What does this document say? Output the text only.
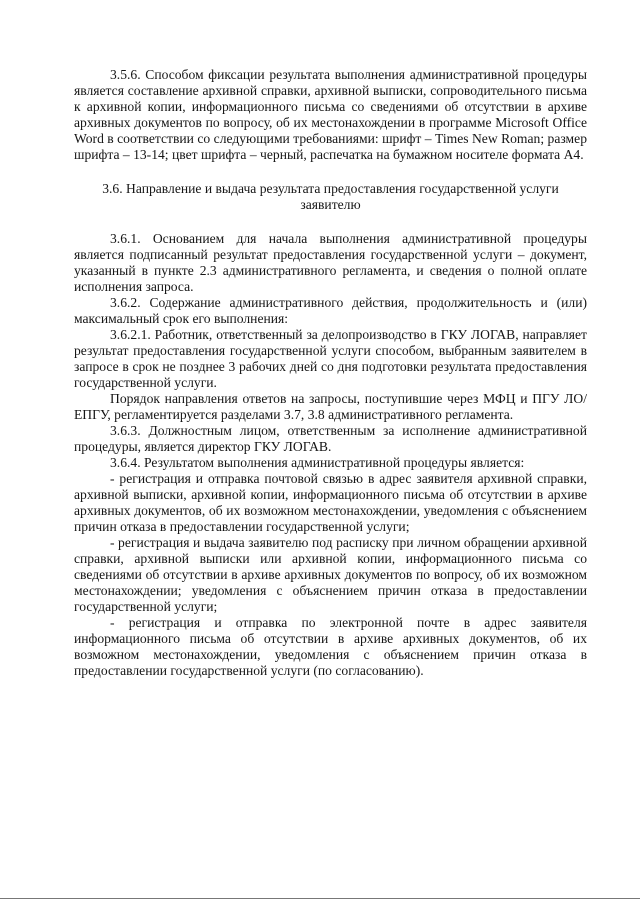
3.5.6. Способом фиксации результата выполнения административной процедуры является составление архивной справки, архивной выписки, сопроводительного письма к архивной копии, информационного письма со сведениями об отсутствии в архиве архивных документов по вопросу, об их местонахождении в программе Microsoft Office Word в соответствии со следующими требованиями: шрифт – Times New Roman; размер шрифта – 13-14; цвет шрифта – черный, распечатка на бумажном носителе формата А4.

3.6. Направление и выдача результата предоставления государственной услуги заявителю

3.6.1. Основанием для начала выполнения административной процедуры является подписанный результат предоставления государственной услуги – документ, указанный в пункте 2.3 административного регламента, и сведения о полной оплате исполнения запроса.

3.6.2. Содержание административного действия, продолжительность и (или) максимальный срок его выполнения:

3.6.2.1. Работник, ответственный за делопроизводство в ГКУ ЛОГАВ, направляет результат предоставления государственной услуги способом, выбранным заявителем в запросе в срок не позднее 3 рабочих дней со дня подготовки результата предоставления государственной услуги.

Порядок направления ответов на запросы, поступившие через МФЦ и ПГУ ЛО/ЕПГУ, регламентируется разделами 3.7, 3.8 административного регламента.

3.6.3. Должностным лицом, ответственным за исполнение административной процедуры, является директор ГКУ ЛОГАВ.

3.6.4. Результатом выполнения административной процедуры является:

- регистрация и отправка почтовой связью в адрес заявителя архивной справки, архивной выписки, архивной копии, информационного письма об отсутствии в архиве архивных документов, об их возможном местонахождении, уведомления с объяснением причин отказа в предоставлении государственной услуги;

- регистрация и выдача заявителю под расписку при личном обращении архивной справки, архивной выписки или архивной копии, информационного письма со сведениями об отсутствии в архиве архивных документов по вопросу, об их возможном местонахождении; уведомления с объяснением причин отказа в предоставлении государственной услуги;

- регистрация и отправка по электронной почте в адрес заявителя информационного письма об отсутствии в архиве архивных документов, об их возможном местонахождении, уведомления с объяснением причин отказа в предоставлении государственной услуги (по согласованию).
